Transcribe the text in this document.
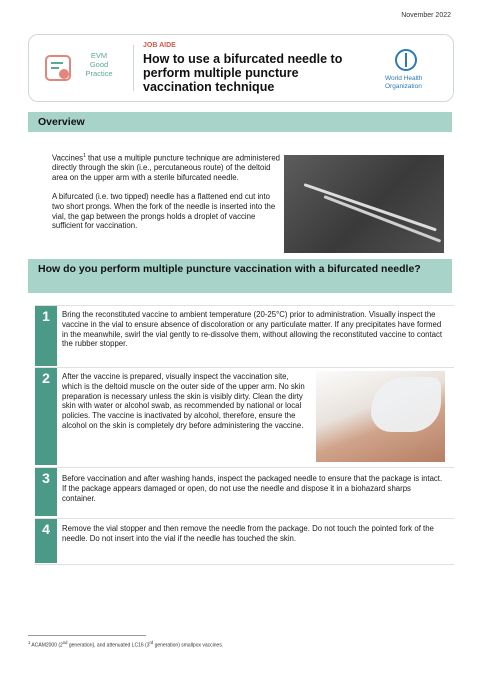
November 2022
EVM
Good
Practice
JOB AIDE
How to use a bifurcated needle to perform multiple puncture vaccination technique
World Health
Organization
Overview

Vaccines$^1$ that use a multiple puncture technique are administered directly through the skin (i.e., percutaneous route) of the deltoid area on the upper arm with a sterile bifurcated needle.

A bifurcated (i.e. two tipped) needle has a flattened end cut into two short prongs. When the fork of the needle is inserted into the vial, the gap between the prongs holds a droplet of vaccine sufficient for vaccination.

How do you perform multiple puncture vaccination with a bifurcated needle?
1	Bring the reconstituted vaccine to ambient temperature (20-25°C) prior to administration. Visually inspect the vaccine in the vial to ensure absence of discoloration or any particulate matter. If any precipitates have formed in the meanwhile, swirl the vial gently to re-dissolve them, without allowing the reconstituted vaccine to contact the rubber stopper.
2	After the vaccine is prepared, visually inspect the vaccination site, which is the deltoid muscle on the outer side of the upper arm. No skin preparation is necessary unless the skin is visibly dirty. Clean the dirty skin with water or alcohol swab, as recommended by national or local policies. The vaccine is inactivated by alcohol, therefore, ensure the alcohol on the skin is completely dry before administering the vaccine.
3	Before vaccination and after washing hands, inspect the packaged needle to ensure that the package is intact. If the package appears damaged or open, do not use the needle and dispose it in a biohazard sharps container.
4	Remove the vial stopper and then remove the needle from the package. Do not touch the pointed fork of the needle. Do not insert into the vial if the needle has touched the skin.
$^1$ ACAM2000 (2nd generation), and attenuated LC16 (3rd generation) smallpox vaccines.
